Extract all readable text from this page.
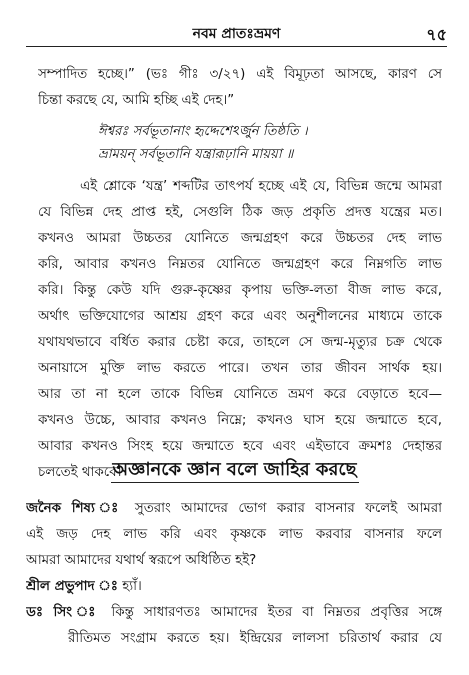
নবম প্রাতঃভ্রমণ	৭৫
সম্পাদিত হচ্ছে।” (ভঃ গীঃ ৩/২৭) এই বিমূঢ়তা আসছে, কারণ সে
চিন্তা করছে যে, আমি হচ্ছি এই দেহ।”
ঈশ্বরঃ সর্বভূতানাং হৃদ্দেশেঽর্জুন তিষ্ঠতি ।
ভ্রাময়ন্ সর্বভূতানি যন্ত্রারূঢ়ানি মায়য়া ॥
এই শ্লোকে ‘যন্ত্র’ শব্দটির তাৎপর্য হচ্ছে এই যে, বিভিন্ন জন্মে আমরা
যে বিভিন্ন দেহ প্রাপ্ত হই, সেগুলি ঠিক জড় প্রকৃতি প্রদত্ত যন্ত্রের মত।
কখনও আমরা উচ্চতর যোনিতে জন্মগ্রহণ করে উচ্চতর দেহ লাভ
করি, আবার কখনও নিম্নতর যোনিতে জন্মগ্রহণ করে নিম্নগতি লাভ
করি। কিন্তু কেউ যদি গুরু-কৃষ্ণের কৃপায় ভক্তি-লতা বীজ লাভ করে,
অর্থাৎ ভক্তিযোগের আশ্রয় গ্রহণ করে এবং অনুশীলনের মাধ্যমে তাকে
যথাযথভাবে বর্ধিত করার চেষ্টা করে, তাহলে সে জন্ম-মৃত্যুর চক্র থেকে
অনায়াসে মুক্তি লাভ করতে পারে। তখন তার জীবন সার্থক হয়।
আর তা না হলে তাকে বিভিন্ন যোনিতে ভ্রমণ করে বেড়াতে হবে—
কখনও উচ্চে, আবার কখনও নিম্নে; কখনও ঘাস হয়ে জন্মাতে হবে,
আবার কখনও সিংহ হয়ে জন্মাতে হবে এবং এইভাবে ক্রমশঃ দেহান্তর
চলতেই থাকবে।
অজ্ঞানকে জ্ঞান বলে জাহির করছে
জনৈক শিষ্য ঃ সুতরাং আমাদের ভোগ করার বাসনার ফলেই আমরা
এই জড় দেহ লাভ করি এবং কৃষ্ণকে লাভ করবার বাসনার ফলে
আমরা আমাদের যথার্থ স্বরূপে অধিষ্ঠিত হই?
শ্রীল প্রভুপাদ ঃ হ্যাঁ।
ডঃ সিং ঃ কিন্তু সাধারণতঃ আমাদের ইতর বা নিম্নতর প্রবৃত্তির সঙ্গে
রীতিমত সংগ্রাম করতে হয়। ইন্দ্রিয়ের লালসা চরিতার্থ করার যে
